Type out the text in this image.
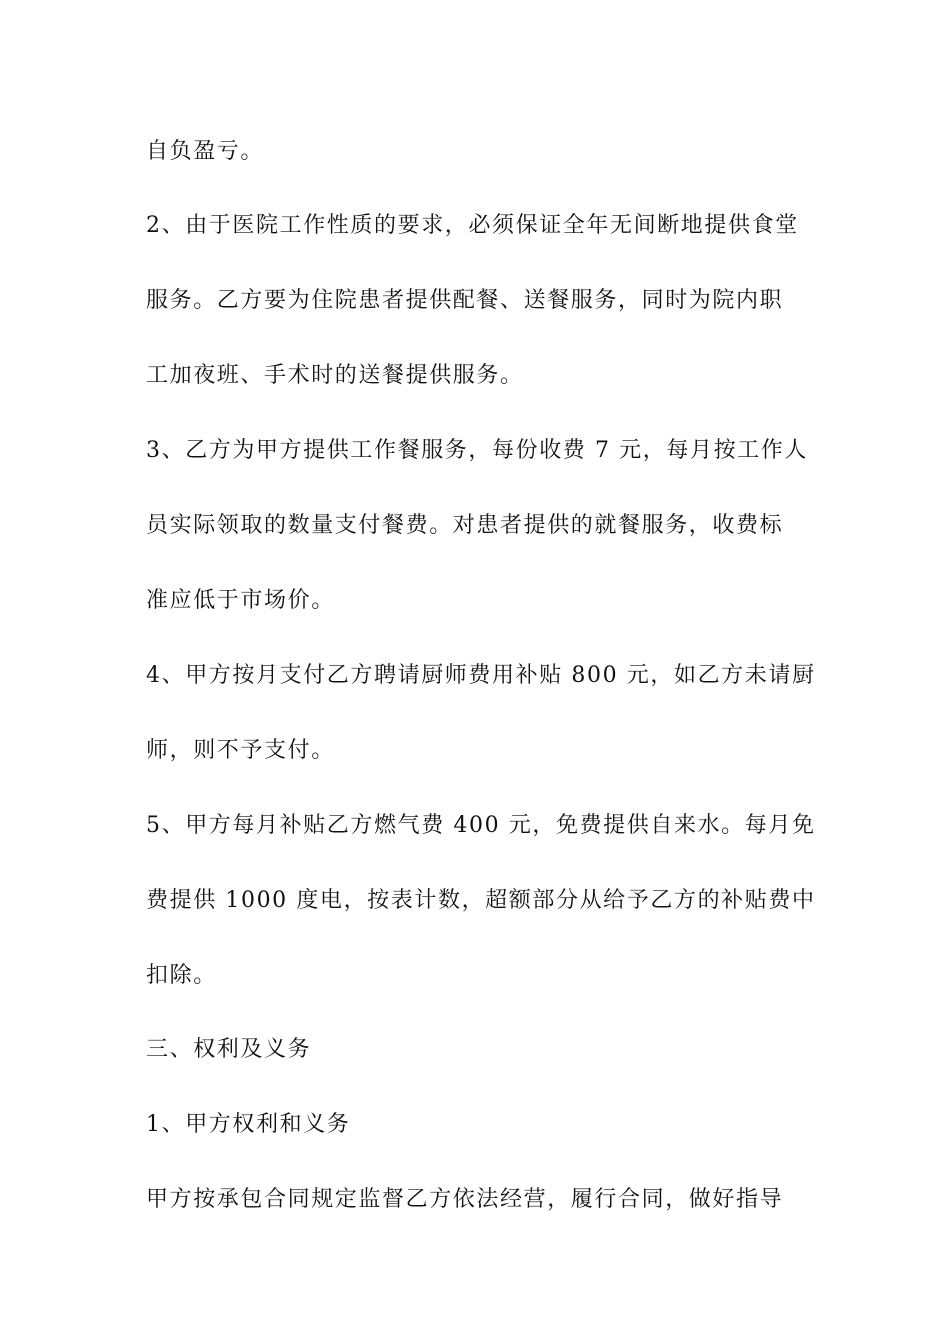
自负盈亏。
2、由于医院工作性质的要求，必须保证全年无间断地提供食堂
服务。乙方要为住院患者提供配餐、送餐服务，同时为院内职
工加夜班、手术时的送餐提供服务。
3、乙方为甲方提供工作餐服务，每份收费 7 元，每月按工作人
员实际领取的数量支付餐费。对患者提供的就餐服务，收费标
准应低于市场价。
4、甲方按月支付乙方聘请厨师费用补贴 800 元，如乙方未请厨
师，则不予支付。
5、甲方每月补贴乙方燃气费 400 元，免费提供自来水。每月免
费提供 1000 度电，按表计数，超额部分从给予乙方的补贴费中
扣除。
三、权利及义务
1、甲方权利和义务
甲方按承包合同规定监督乙方依法经营，履行合同，做好指导
